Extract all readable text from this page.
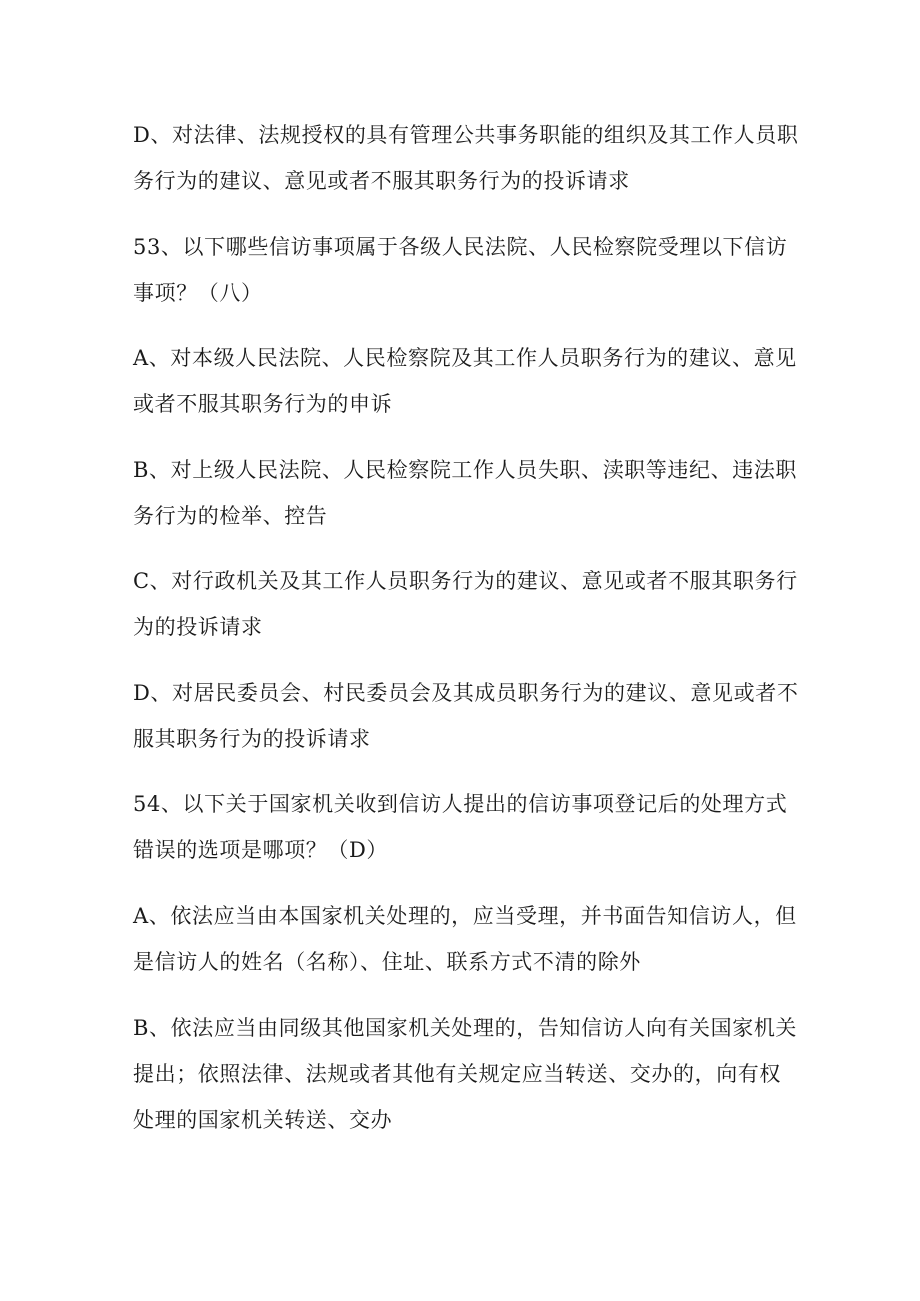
D、对法律、法规授权的具有管理公共事务职能的组织及其工作人员职
务行为的建议、意见或者不服其职务行为的投诉请求

53、以下哪些信访事项属于各级人民法院、人民检察院受理以下信访
事项？（八）

A、对本级人民法院、人民检察院及其工作人员职务行为的建议、意见
或者不服其职务行为的申诉

B、对上级人民法院、人民检察院工作人员失职、渎职等违纪、违法职
务行为的检举、控告

C、对行政机关及其工作人员职务行为的建议、意见或者不服其职务行
为的投诉请求

D、对居民委员会、村民委员会及其成员职务行为的建议、意见或者不
服其职务行为的投诉请求

54、以下关于国家机关收到信访人提出的信访事项登记后的处理方式
错误的选项是哪项？（D）

A、依法应当由本国家机关处理的，应当受理，并书面告知信访人，但
是信访人的姓名（名称）、住址、联系方式不清的除外

B、依法应当由同级其他国家机关处理的，告知信访人向有关国家机关
提出；依照法律、法规或者其他有关规定应当转送、交办的，向有权
处理的国家机关转送、交办
